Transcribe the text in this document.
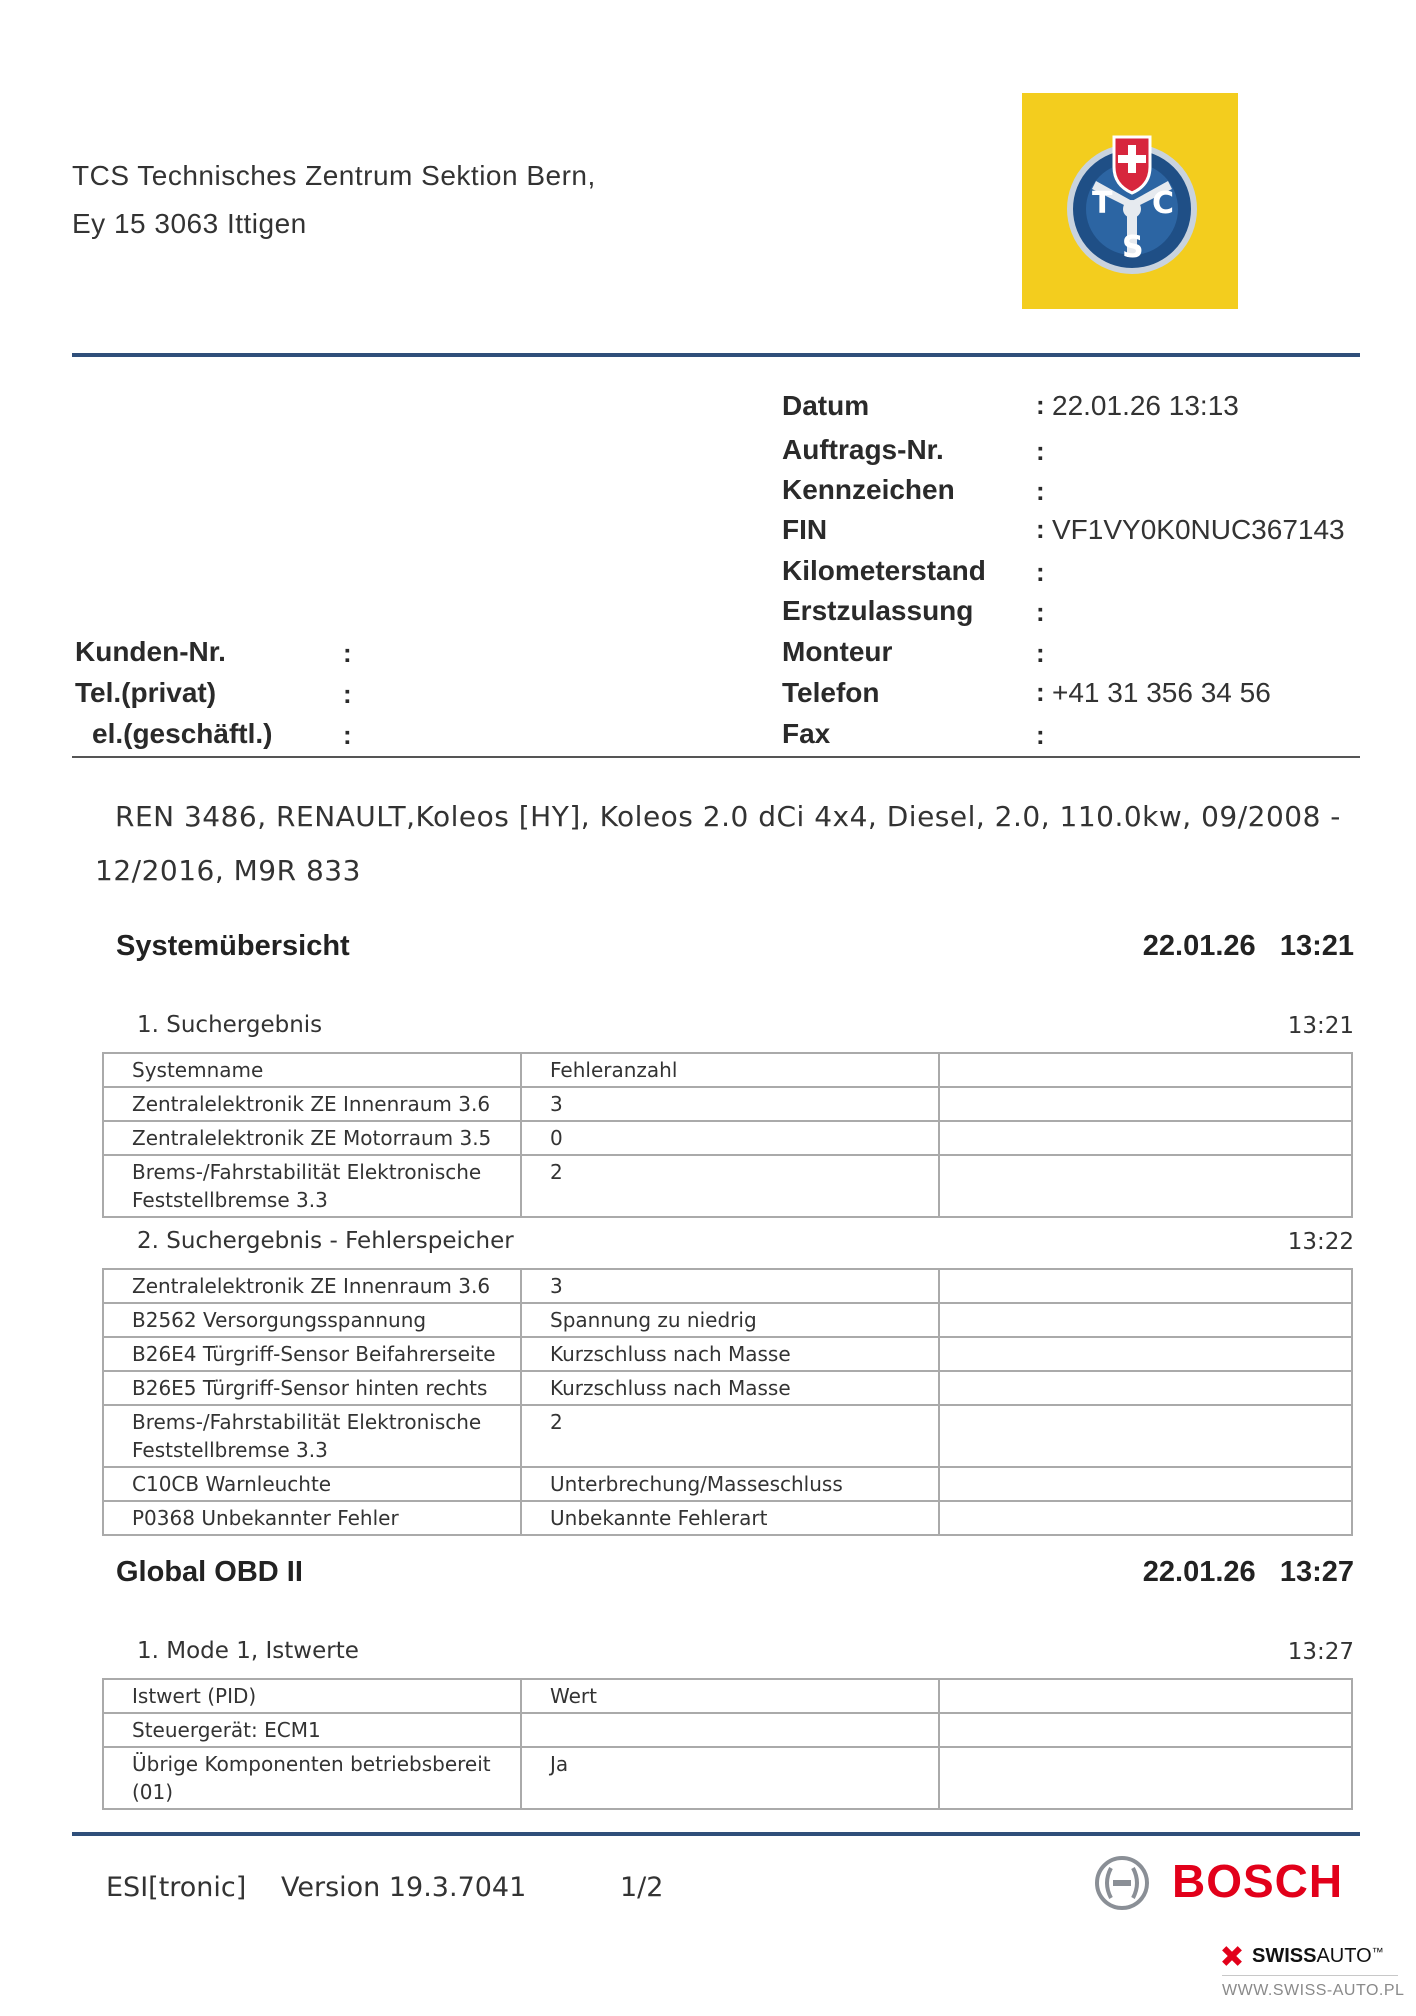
TCS Technisches Zentrum Sektion Bern,
Ey 15 3063 Ittigen
T C
S
Datum	: 22.01.26 13:13
Auftrags-Nr.	:
Kennzeichen	:
FIN	: VF1VY0K0NUC367143
Kilometerstand :
Erstzulassung :
Monteur	:
Telefon	: +41 31 356 34 56
Fax	:
Kunden-Nr.	:
Tel.(privat)	:
el.(geschäftl.)	:
REN 3486, RENAULT,Koleos [HY], Koleos 2.0 dCi 4x4, Diesel, 2.0, 110.0kw, 09/2008 - 12/2016, M9R 833
Systemübersicht	22.01.26 13:21
1. Suchergebnis	13:21
Systemname	Fehleranzahl	
Zentralelektronik ZE Innenraum 3.6	3	
Zentralelektronik ZE Motorraum 3.5	0	
Brems-/Fahrstabilität Elektronische Feststellbremse 3.3	2	
2. Suchergebnis - Fehlerspeicher	13:22
Zentralelektronik ZE Innenraum 3.6	3	
B2562 Versorgungsspannung	Spannung zu niedrig	
B26E4 Türgriff-Sensor Beifahrerseite	Kurzschluss nach Masse	
B26E5 Türgriff-Sensor hinten rechts	Kurzschluss nach Masse	
Brems-/Fahrstabilität Elektronische Feststellbremse 3.3	2	
C10CB Warnleuchte	Unterbrechung/Masseschluss	
P0368 Unbekannter Fehler	Unbekannte Fehlerart	
Global OBD II	22.01.26 13:27
1. Mode 1, Istwerte	13:27
Istwert (PID)	Wert	
Steuergerät: ECM1		
Übrige Komponenten betriebsbereit (01)	Ja	
ESI[tronic] Version 19.3.7041	1/2	BOSCH
SWISSAUTO™
WWW.SWISS-AUTO.PL
